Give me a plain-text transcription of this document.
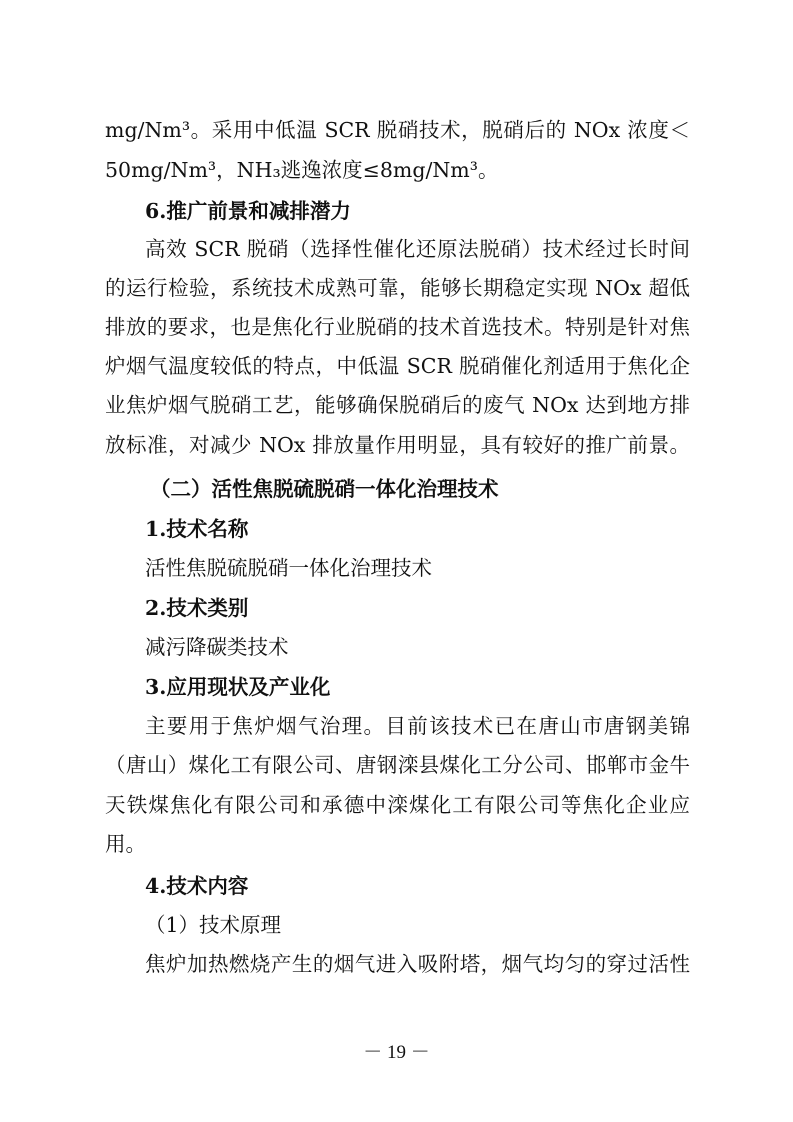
mg/Nm³。采用中低温 SCR 脱硝技术，脱硝后的 NOx 浓度＜
50mg/Nm³，NH₃逃逸浓度≤8mg/Nm³。
6.推广前景和减排潜力
高效 SCR 脱硝（选择性催化还原法脱硝）技术经过长时间
的运行检验，系统技术成熟可靠，能够长期稳定实现 NOx 超低
排放的要求，也是焦化行业脱硝的技术首选技术。特别是针对焦
炉烟气温度较低的特点，中低温 SCR 脱硝催化剂适用于焦化企
业焦炉烟气脱硝工艺，能够确保脱硝后的废气 NOx 达到地方排
放标准，对减少 NOx 排放量作用明显，具有较好的推广前景。
（二）活性焦脱硫脱硝一体化治理技术
1.技术名称
活性焦脱硫脱硝一体化治理技术
2.技术类别
减污降碳类技术
3.应用现状及产业化
主要用于焦炉烟气治理。目前该技术已在唐山市唐钢美锦
（唐山）煤化工有限公司、唐钢滦县煤化工分公司、邯郸市金牛
天铁煤焦化有限公司和承德中滦煤化工有限公司等焦化企业应
用。
4.技术内容
（1）技术原理
焦炉加热燃烧产生的烟气进入吸附塔，烟气均匀的穿过活性
－ 19 －
